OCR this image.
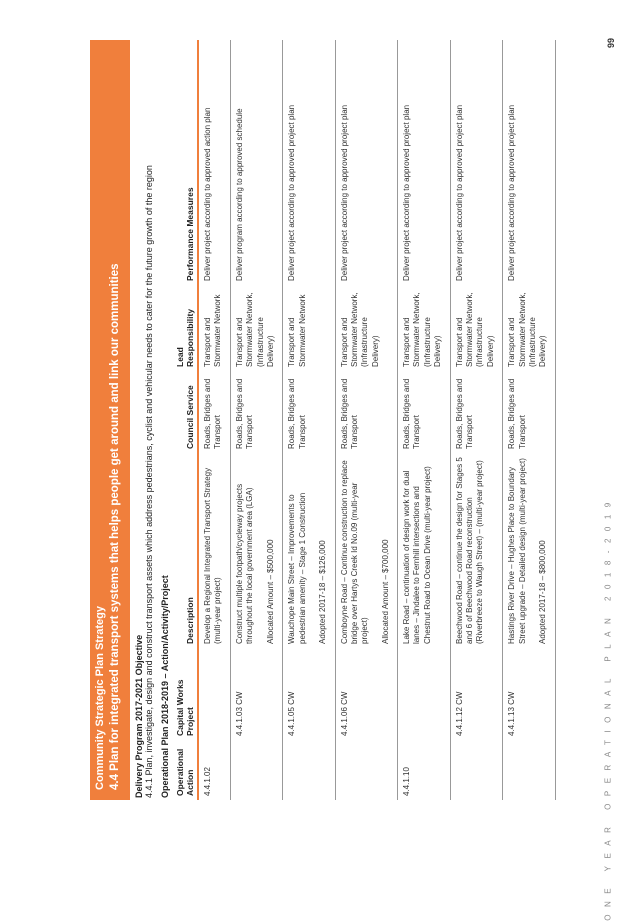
99
ONE YEAR OPERATIONAL PLAN 2018-2019
Community Strategic Plan Strategy 4.4 Plan for integrated transport systems that helps people get around and link our communities Delivery Program 2017-2021 Objective 4.4.1 Plan, investigate, design and construct transport assets which address pedestrians, cyclist and vehicular needs to cater for the future growth of the region Operational Plan 2018-2019 – Action/Activity/Project Operational Action	Capital Works Project	Description	Council Service	Lead Responsibility	Performance Measures
4.4.1.02		Develop a Regional Integrated Transport Strategy (multi-year project)	Roads, Bridges and Transport	Transport and Stormwater Network	Deliver project according to approved action plan
	4.4.1.03 CW	Construct multiple footpath/cycleway projects throughout the local government area (LGA) Allocated Amount – $500,000	Roads, Bridges and Transport	Transport and Stormwater Network, (Infrastructure Delivery)	Deliver program according to approved schedule
	4.4.1.05 CW	Wauchope Main Street – Improvements to pedestrian amenity – Stage 1 Construction Adopted 2017-18 – $126,000	Roads, Bridges and Transport	Transport and Stormwater Network	Deliver project according to approved project plan
	4.4.1.06 CW	Comboyne Road – Continue construction to replace bridge over Hartys Creek Id No.09 (multi-year project) Allocated Amount – $700,000	Roads, Bridges and Transport	Transport and Stormwater Network, (Infrastructure Delivery)	Deliver project according to approved project plan
4.4.1.10		Lake Road – continuation of design work for dual lanes – Jindalee to Fernhill intersections and Chestnut Road to Ocean Drive (multi-year project)	Roads, Bridges and Transport	Transport and Stormwater Network, (Infrastructure Delivery)	Deliver project according to approved project plan
	4.4.1.12 CW	Beechwood Road – continue the design for Stages 5 and 6 of Beechwood Road reconstruction (Riverbreeze to Waugh Street) – (multi-year project)	Roads, Bridges and Transport	Transport and Stormwater Network, (Infrastructure Delivery)	Deliver project according to approved project plan
	4.4.1.13 CW	Hastings River Drive – Hughes Place to Boundary Street upgrade – Detailed design (multi-year project) Adopted 2017-18 – $800,000	Roads, Bridges and Transport	Transport and Stormwater Network, (Infrastructure Delivery)	Deliver project according to approved project plan
